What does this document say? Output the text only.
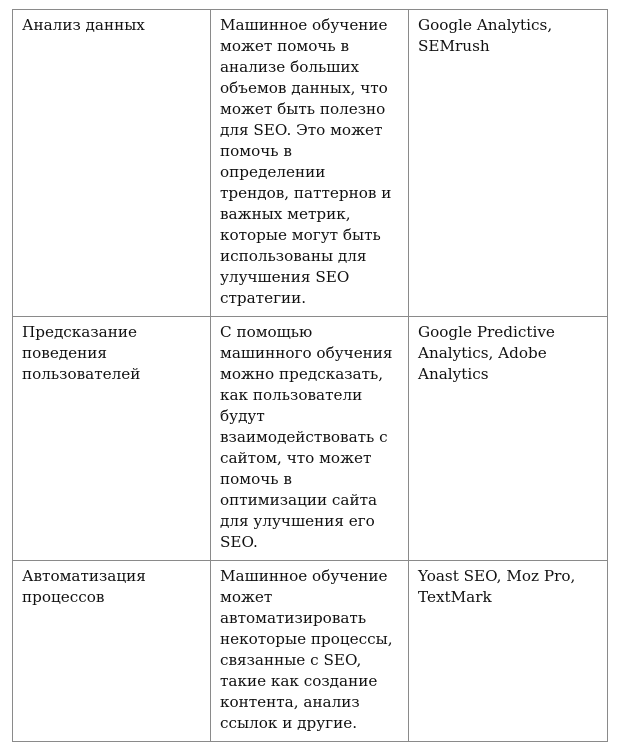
Анализ данных	Машинное обучение может помочь в анализе больших объемов данных, что может быть полезно для SEO. Это может помочь в определении трендов, паттернов и важных метрик, которые могут быть использованы для улучшения SEO стратегии.	Google Analytics, SEMrush
Предсказание поведения пользователей	С помощью машинного обучения можно предсказать, как пользователи будут взаимодействовать с сайтом, что может помочь в оптимизации сайта для улучшения его SEO.	Google Predictive Analytics, Adobe Analytics
Автоматизация процессов	Машинное обучение может автоматизировать некоторые процессы, связанные с SEO, такие как создание контента, анализ ссылок и другие.	Yoast SEO, Moz Pro, TextMark
